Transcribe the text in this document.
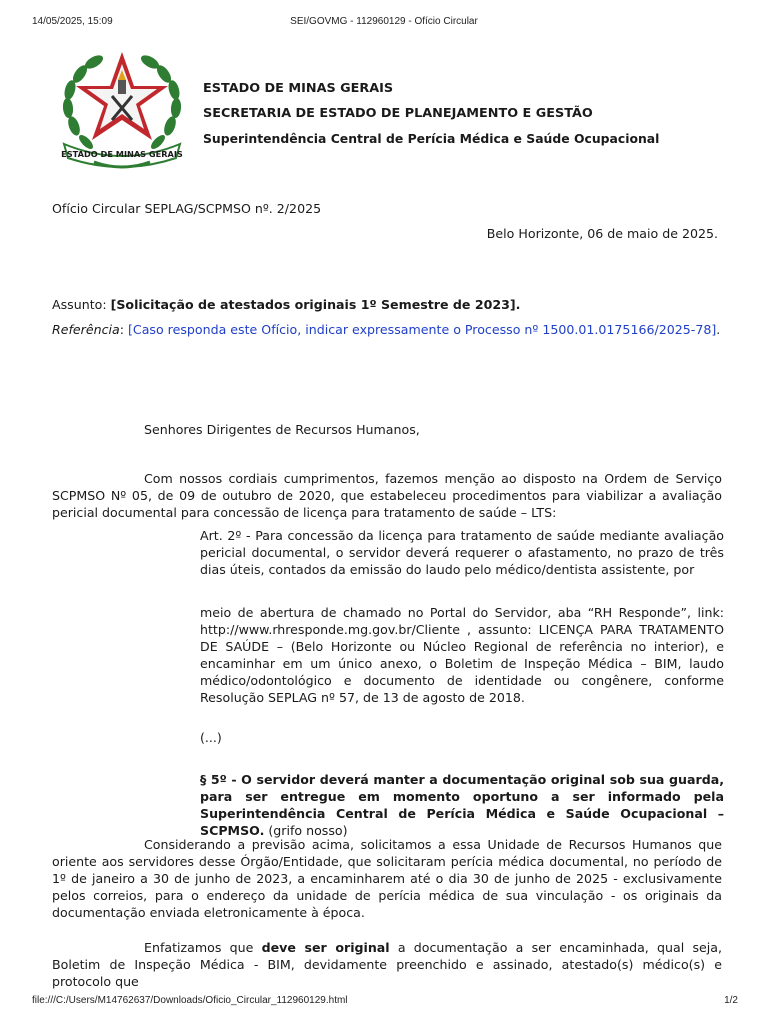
14/05/2025, 15:09	SEI/GOVMG - 112960129 - Ofício Circular
ESTADO DE MINAS GERAIS
ESTADO DE MINAS GERAIS
SECRETARIA DE ESTADO DE PLANEJAMENTO E GESTÃO
Superintendência Central de Perícia Médica e Saúde Ocupacional
Ofício Circular SEPLAG/SCPMSO nº. 2/2025
Belo Horizonte, 06 de maio de 2025.
Assunto: [Solicitação de atestados originais 1º Semestre de 2023].
Referência: [Caso responda este Ofício, indicar expressamente o Processo nº 1500.01.0175166/2025-78].
Senhores Dirigentes de Recursos Humanos,
Com nossos cordiais cumprimentos, fazemos menção ao disposto na Ordem de Serviço SCPMSO Nº 05, de 09 de outubro de 2020, que estabeleceu procedimentos para viabilizar a avaliação pericial documental para concessão de licença para tratamento de saúde – LTS:
Art. 2º - Para concessão da licença para tratamento de saúde mediante avaliação pericial documental, o servidor deverá requerer o afastamento, no prazo de três dias úteis, contados da emissão do laudo pelo médico/dentista assistente, por
meio de abertura de chamado no Portal do Servidor, aba “RH Responde”, link: http://www.rhresponde.mg.gov.br/Cliente , assunto: LICENÇA PARA TRATAMENTO DE SAÚDE – (Belo Horizonte ou Núcleo Regional de referência no interior), e encaminhar em um único anexo, o Boletim de Inspeção Médica – BIM, laudo médico/odontológico e documento de identidade ou congênere, conforme Resolução SEPLAG nº 57, de 13 de agosto de 2018.
(...)
§ 5º - O servidor deverá manter a documentação original sob sua guarda, para ser entregue em momento oportuno a ser informado pela Superintendência Central de Perícia Médica e Saúde Ocupacional – SCPMSO. (grifo nosso)
Considerando a previsão acima, solicitamos a essa Unidade de Recursos Humanos que oriente aos servidores desse Órgão/Entidade, que solicitaram perícia médica documental, no período de 1º de janeiro a 30 de junho de 2023, a encaminharem até o dia 30 de junho de 2025 - exclusivamente pelos correios, para o endereço da unidade de perícia médica de sua vinculação - os originais da documentação enviada eletronicamente à época.
Enfatizamos que deve ser original a documentação a ser encaminhada, qual seja, Boletim de Inspeção Médica - BIM, devidamente preenchido e assinado, atestado(s) médico(s) e protocolo que
file:///C:/Users/M14762637/Downloads/Oficio_Circular_112960129.html	1/2
